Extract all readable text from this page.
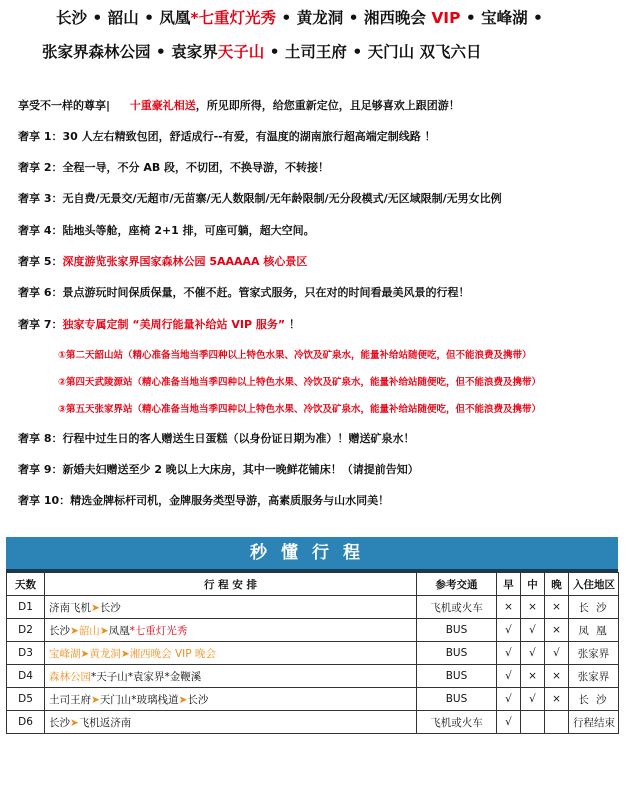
长沙 • 韶山 • 凤凰*七重灯光秀 • 黄龙洞 • 湘西晚会 VIP • 宝峰湖 •
张家界森林公园 • 袁家界天子山 • 土司王府 • 天门山 双飞六日
享受不一样的尊享| 十重豪礼相送，所见即所得，给您重新定位，且足够喜欢上跟团游！
奢享 1：30 人左右精致包团，舒适成行--有爱，有温度的湖南旅行超高端定制线路 ！
奢享 2：全程一导，不分 AB 段，不切团，不换导游，不转接！
奢享 3：无自费/无景交/无超市/无苗寨/无人数限制/无年龄限制/无分段模式/无区域限制/无男女比例
奢享 4：陆地头等舱，座椅 2+1 排，可座可躺，超大空间。
奢享 5：深度游览张家界国家森林公园 5AAAAA 核心景区
奢享 6：景点游玩时间保质保量，不催不赶。管家式服务，只在对的时间看最美风景的行程！
奢享 7：独家专属定制 “美周行能量补给站 VIP 服务” ！
①第二天韶山站（精心准备当地当季四种以上特色水果、冷饮及矿泉水，能量补给站随便吃，但不能浪费及携带）
②第四天武陵源站（精心准备当地当季四种以上特色水果、冷饮及矿泉水，能量补给站随便吃，但不能浪费及携带）
③第五天张家界站（精心准备当地当季四种以上特色水果、冷饮及矿泉水，能量补给站随便吃，但不能浪费及携带）
奢享 8：行程中过生日的客人赠送生日蛋糕（以身份证日期为准）！赠送矿泉水！
奢享 9：新婚夫妇赠送至少 2 晚以上大床房，其中一晚鲜花铺床！（请提前告知）
奢享 10：精选金牌标杆司机，金牌服务类型导游，高素质服务与山水同美！
秒懂行程
天数	行 程 安 排	参考交通	早	中	晚	入住地区
D1	济南飞机➤长沙	飞机或火车	×	×	×	长 沙
D2	长沙➤韶山➤凤凰*七重灯光秀	BUS	√	√	×	凤 凰
D3	宝峰湖➤黄龙洞➤湘西晚会 VIP 晚会	BUS	√	√	√	张家界
D4	森林公园*天子山*袁家界*金鞭溪	BUS	√	×	×	张家界
D5	土司王府➤天门山*玻璃栈道➤长沙	BUS	√	√	×	长 沙
D6	长沙➤飞机返济南	飞机或火车	√			行程结束
